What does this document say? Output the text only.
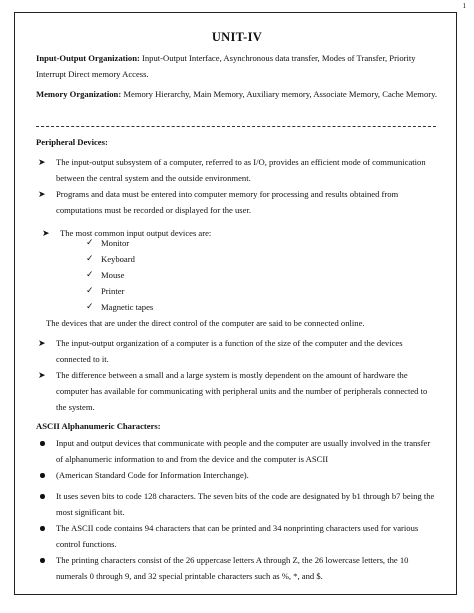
1
UNIT-IV
Input-Output Organization: Input-Output Interface, Asynchronous data transfer, Modes of Transfer, Priority Interrupt Direct memory Access.
Memory Organization: Memory Hierarchy, Main Memory, Auxiliary memory, Associate Memory, Cache Memory.
Peripheral Devices:
➤ The input-output subsystem of a computer, referred to as I/O, provides an efficient mode of communication between the central system and the outside environment.
➤ Programs and data must be entered into computer memory for processing and results obtained from computations must be recorded or displayed for the user.
➤ The most common input output devices are:
✓ Monitor
✓ Keyboard
✓ Mouse
✓ Printer
✓ Magnetic tapes
The devices that are under the direct control of the computer are said to be connected online.
➤ The input-output organization of a computer is a function of the size of the computer and the devices connected to it.
➤ The difference between a small and a large system is mostly dependent on the amount of hardware the computer has available for communicating with peripheral units and the number of peripherals connected to the system.
ASCII Alphanumeric Characters:
Input and output devices that communicate with people and the computer are usually involved in the transfer of alphanumeric information to and from the device and the computer is ASCII
(American Standard Code for Information Interchange).
It uses seven bits to code 128 characters. The seven bits of the code are designated by b1 through b7 being the most significant bit.
The ASCII code contains 94 characters that can be printed and 34 nonprinting characters used for various control functions.
The printing characters consist of the 26 uppercase letters A through Z, the 26 lowercase letters, the 10 numerals 0 through 9, and 32 special printable characters such as %, *, and $.
